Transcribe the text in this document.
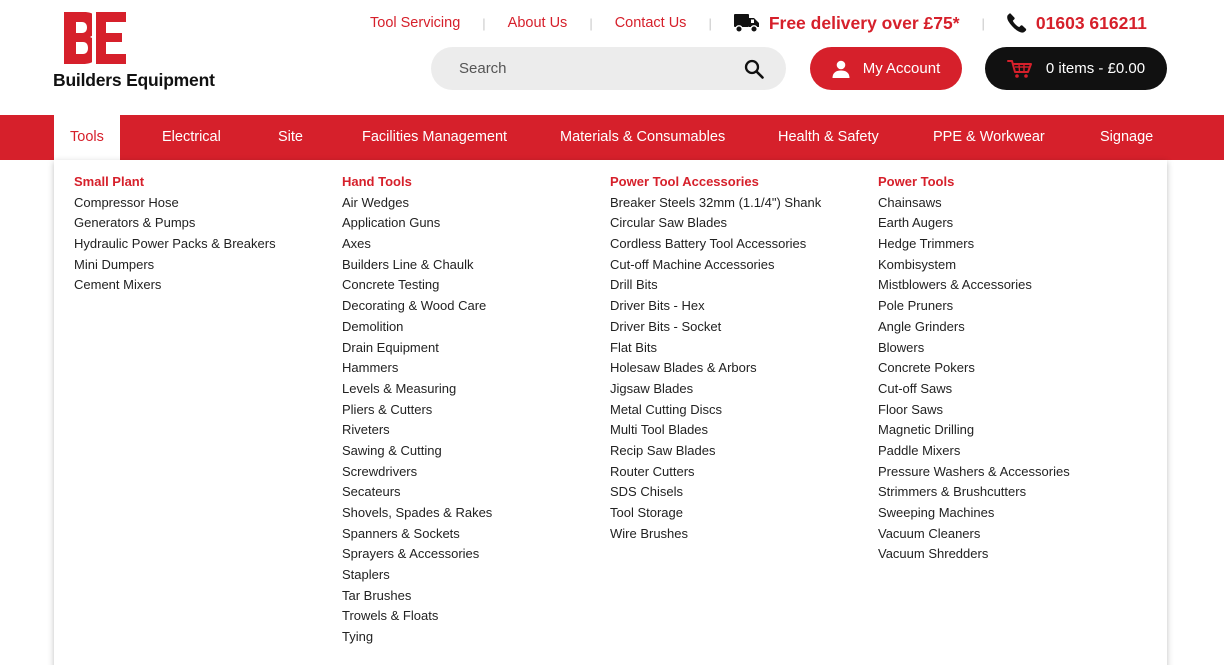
Builders Equipment
Tool Servicing | About Us | Contact Us |	Free delivery over £75* |	01603 616211
Search
My Account	0 items - £0.00
Tools	Electrical	Site	Facilities Management	Materials & Consumables	Health & Safety	PPE & Workwear	Signage
Small Plant
Compressor Hose
Generators & Pumps
Hydraulic Power Packs & Breakers
Mini Dumpers
Cement Mixers
Hand Tools
Air Wedges
Application Guns
Axes
Builders Line & Chaulk
Concrete Testing
Decorating & Wood Care
Demolition
Drain Equipment
Hammers
Levels & Measuring
Pliers & Cutters
Riveters
Sawing & Cutting
Screwdrivers
Secateurs
Shovels, Spades & Rakes
Spanners & Sockets
Sprayers & Accessories
Staplers
Tar Brushes
Trowels & Floats
Tying
Power Tool Accessories
Breaker Steels 32mm (1.1/4") Shank
Circular Saw Blades
Cordless Battery Tool Accessories
Cut-off Machine Accessories
Drill Bits
Driver Bits - Hex
Driver Bits - Socket
Flat Bits
Holesaw Blades & Arbors
Jigsaw Blades
Metal Cutting Discs
Multi Tool Blades
Recip Saw Blades
Router Cutters
SDS Chisels
Tool Storage
Wire Brushes
Power Tools
Chainsaws
Earth Augers
Hedge Trimmers
Kombisystem
Mistblowers & Accessories
Pole Pruners
Angle Grinders
Blowers
Concrete Pokers
Cut-off Saws
Floor Saws
Magnetic Drilling
Paddle Mixers
Pressure Washers & Accessories
Strimmers & Brushcutters
Sweeping Machines
Vacuum Cleaners
Vacuum Shredders
